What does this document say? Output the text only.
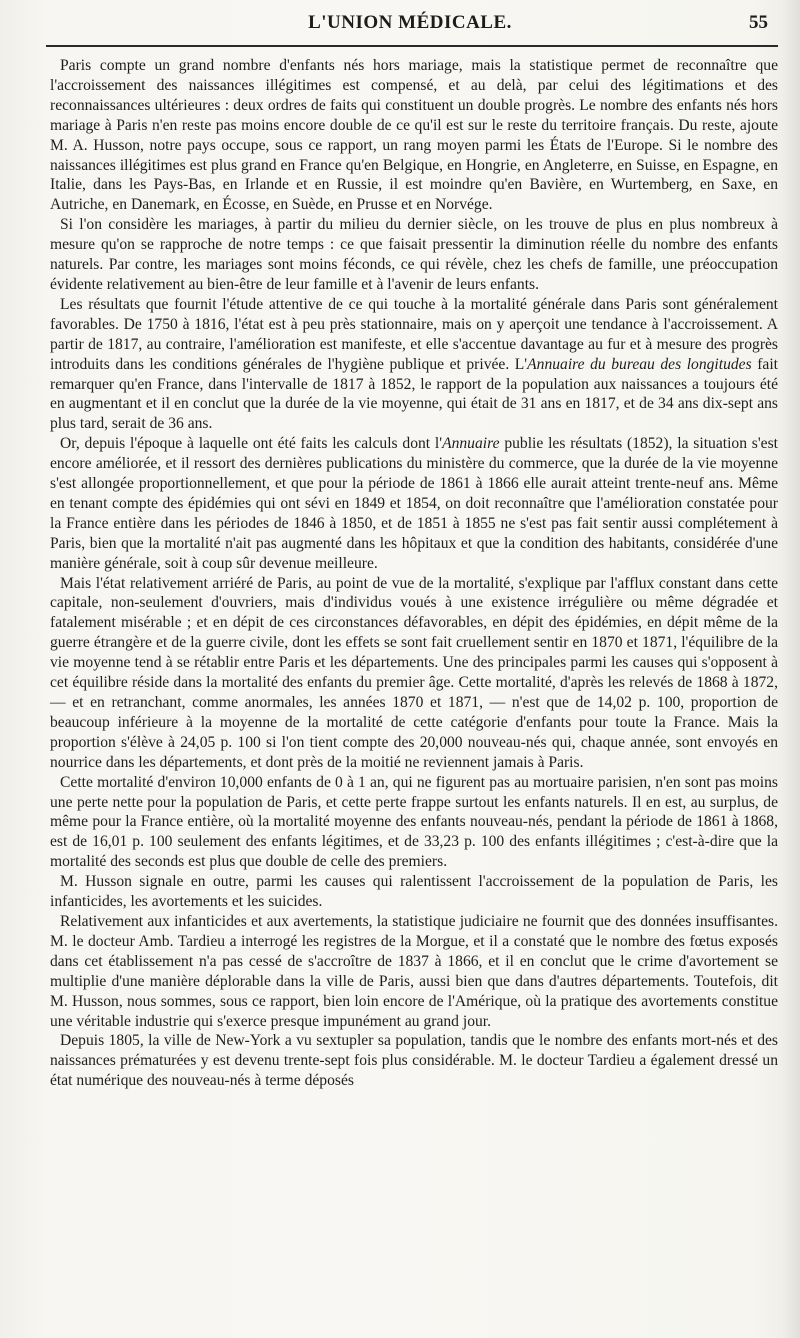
L'UNION MÉDICALE.	55

Paris compte un grand nombre d'enfants nés hors mariage, mais la statistique permet de reconnaître que l'accroissement des naissances illégitimes est compensé, et au delà, par celui des légitimations et des reconnaissances ultérieures : deux ordres de faits qui constituent un double progrès. Le nombre des enfants nés hors mariage à Paris n'en reste pas moins encore double de ce qu'il est sur le reste du territoire français. Du reste, ajoute M. A. Husson, notre pays occupe, sous ce rapport, un rang moyen parmi les États de l'Europe. Si le nombre des naissances illégitimes est plus grand en France qu'en Belgique, en Hongrie, en Angleterre, en Suisse, en Espagne, en Italie, dans les Pays-Bas, en Irlande et en Russie, il est moindre qu'en Bavière, en Wurtemberg, en Saxe, en Autriche, en Danemark, en Écosse, en Suède, en Prusse et en Norvége.

Si l'on considère les mariages, à partir du milieu du dernier siècle, on les trouve de plus en plus nombreux à mesure qu'on se rapproche de notre temps : ce que faisait pressentir la diminution réelle du nombre des enfants naturels. Par contre, les mariages sont moins féconds, ce qui révèle, chez les chefs de famille, une préoccupation évidente relativement au bien-être de leur famille et à l'avenir de leurs enfants.

Les résultats que fournit l'étude attentive de ce qui touche à la mortalité générale dans Paris sont généralement favorables. De 1750 à 1816, l'état est à peu près stationnaire, mais on y aperçoit une tendance à l'accroissement. A partir de 1817, au contraire, l'amélioration est manifeste, et elle s'accentue davantage au fur et à mesure des progrès introduits dans les conditions générales de l'hygiène publique et privée. L'Annuaire du bureau des longitudes fait remarquer qu'en France, dans l'intervalle de 1817 à 1852, le rapport de la population aux naissances a toujours été en augmentant et il en conclut que la durée de la vie moyenne, qui était de 31 ans en 1817, et de 34 ans dix-sept ans plus tard, serait de 36 ans.

Or, depuis l'époque à laquelle ont été faits les calculs dont l'Annuaire publie les résultats (1852), la situation s'est encore améliorée, et il ressort des dernières publications du ministère du commerce, que la durée de la vie moyenne s'est allongée proportionnellement, et que pour la période de 1861 à 1866 elle aurait atteint trente-neuf ans. Même en tenant compte des épidémies qui ont sévi en 1849 et 1854, on doit reconnaître que l'amélioration constatée pour la France entière dans les périodes de 1846 à 1850, et de 1851 à 1855 ne s'est pas fait sentir aussi complétement à Paris, bien que la mortalité n'ait pas augmenté dans les hôpitaux et que la condition des habitants, considérée d'une manière générale, soit à coup sûr devenue meilleure.

Mais l'état relativement arriéré de Paris, au point de vue de la mortalité, s'explique par l'afflux constant dans cette capitale, non-seulement d'ouvriers, mais d'individus voués à une existence irrégulière ou même dégradée et fatalement misérable ; et en dépit de ces circonstances défavorables, en dépit des épidémies, en dépit même de la guerre étrangère et de la guerre civile, dont les effets se sont fait cruellement sentir en 1870 et 1871, l'équilibre de la vie moyenne tend à se rétablir entre Paris et les départements. Une des principales parmi les causes qui s'opposent à cet équilibre réside dans la mortalité des enfants du premier âge. Cette mortalité, d'après les relevés de 1868 à 1872, — et en retranchant, comme anormales, les années 1870 et 1871, — n'est que de 14,02 p. 100, proportion de beaucoup inférieure à la moyenne de la mortalité de cette catégorie d'enfants pour toute la France. Mais la proportion s'élève à 24,05 p. 100 si l'on tient compte des 20,000 nouveau-nés qui, chaque année, sont envoyés en nourrice dans les départements, et dont près de la moitié ne reviennent jamais à Paris.

Cette mortalité d'environ 10,000 enfants de 0 à 1 an, qui ne figurent pas au mortuaire parisien, n'en sont pas moins une perte nette pour la population de Paris, et cette perte frappe surtout les enfants naturels. Il en est, au surplus, de même pour la France entière, où la mortalité moyenne des enfants nouveau-nés, pendant la période de 1861 à 1868, est de 16,01 p. 100 seulement des enfants légitimes, et de 33,23 p. 100 des enfants illégitimes ; c'est-à-dire que la mortalité des seconds est plus que double de celle des premiers.

M. Husson signale en outre, parmi les causes qui ralentissent l'accroissement de la population de Paris, les infanticides, les avortements et les suicides.

Relativement aux infanticides et aux avertements, la statistique judiciaire ne fournit que des données insuffisantes. M. le docteur Amb. Tardieu a interrogé les registres de la Morgue, et il a constaté que le nombre des fœtus exposés dans cet établissement n'a pas cessé de s'accroître de 1837 à 1866, et il en conclut que le crime d'avortement se multiplie d'une manière déplorable dans la ville de Paris, aussi bien que dans d'autres départements. Toutefois, dit M. Husson, nous sommes, sous ce rapport, bien loin encore de l'Amérique, où la pratique des avortements constitue une véritable industrie qui s'exerce presque impunément au grand jour.

Depuis 1805, la ville de New-York a vu sextupler sa population, tandis que le nombre des enfants mort-nés et des naissances prématurées y est devenu trente-sept fois plus considérable. M. le docteur Tardieu a également dressé un état numérique des nouveau-nés à terme déposés
